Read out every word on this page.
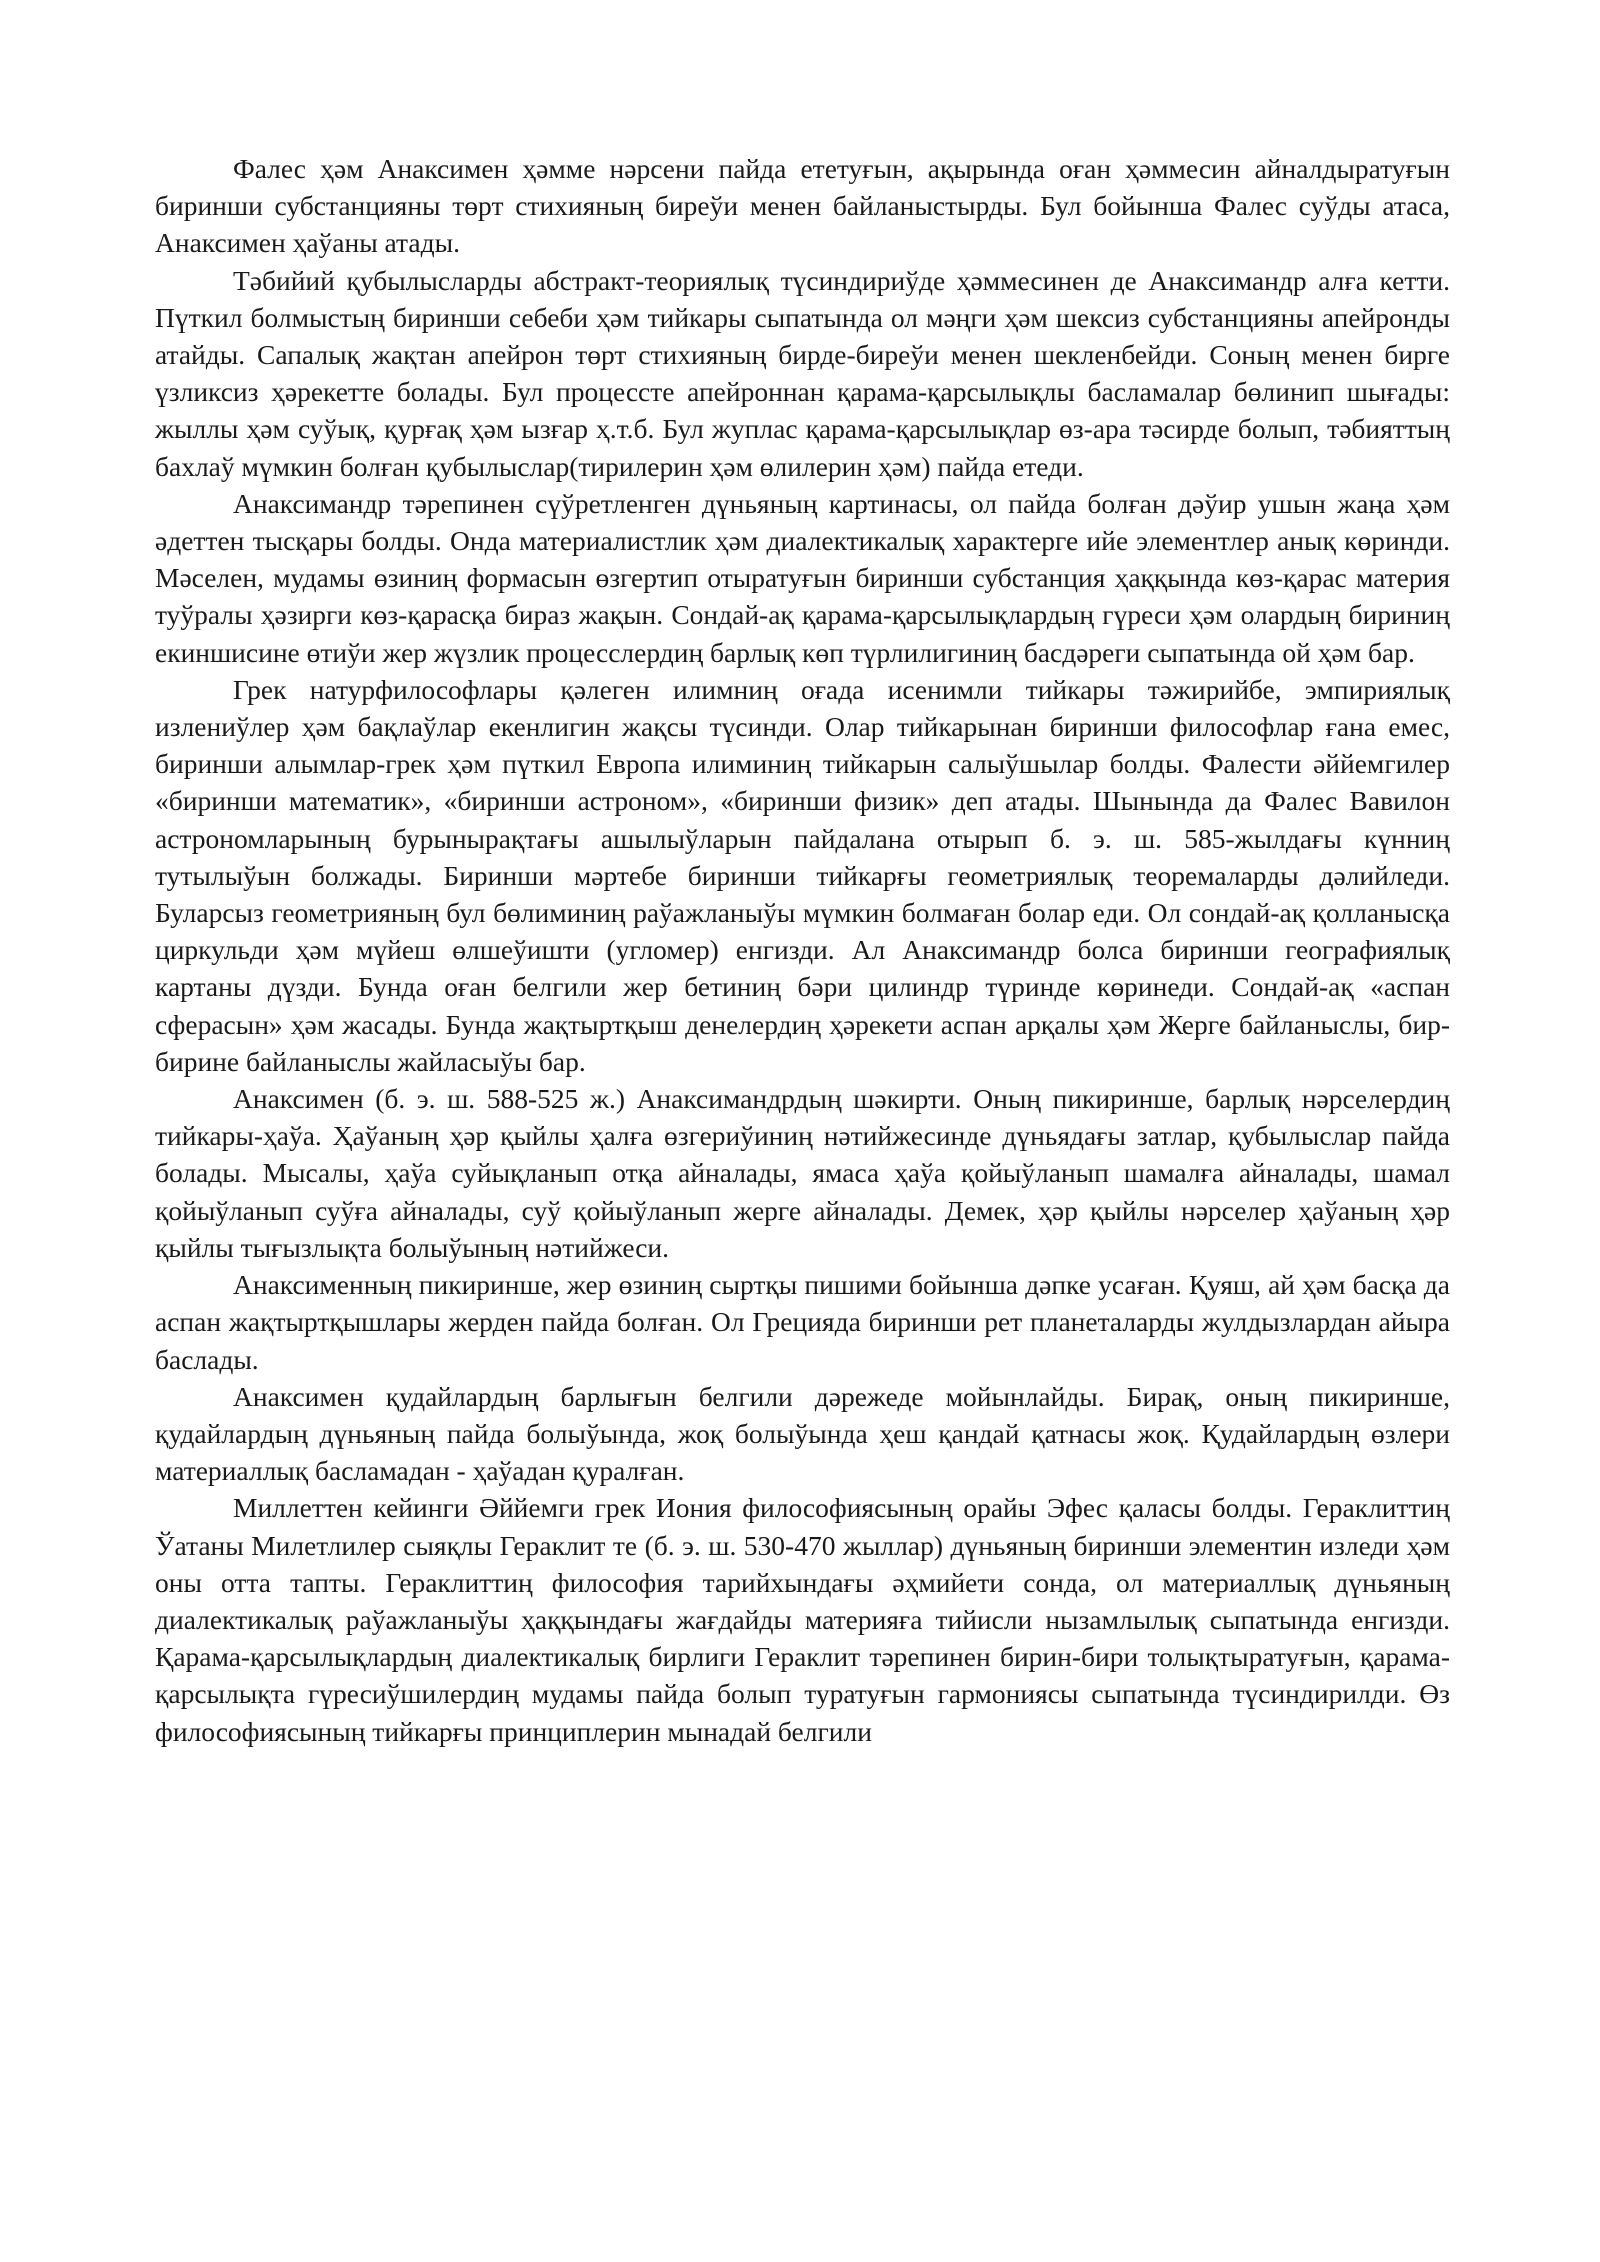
Фалес ҳәм Анаксимен ҳәмме нәрсени пайда ететуғын, ақырында оған ҳәммесин айналдыратуғын биринши субстанцияны төрт стихияның биреўи менен байланыстырды. Бул бойынша Фалес суўды атаса, Анаксимен ҳаўаны атады.

Тәбийий қубылысларды абстракт-теориялық түсиндириўде ҳәммесинен де Анаксимандр алға кетти. Пүткил болмыстың биринши себеби ҳәм тийкары сыпатында ол мәңги ҳәм шексиз субстанцияны апейронды атайды. Сапалық жақтан апейрон төрт стихияның бирде-биреўи менен шекленбейди. Соның менен бирге үзликсиз ҳәрекетте болады. Бул процессте апейроннан қарама-қарсылықлы басламалар бөлинип шығады: жыллы ҳәм суўық, қурғақ ҳәм ызғар ҳ.т.б. Бул жуплас қарама-қарсылықлар өз-ара тәсирде болып, тәбияттың бахлаў мүмкин болған қубылыслар(тирилерин ҳәм өлилерин ҳәм) пайда етеди.

Анаксимандр тәрепинен сүўретленген дүньяның картинасы, ол пайда болған дәўир ушын жаңа ҳәм әдеттен тысқары болды. Онда материалистлик ҳәм диалектикалық характерге ийе элементлер анық көринди. Мәселен, мудамы өзиниң формасын өзгертип отыратуғын биринши субстанция ҳаққында көз-қарас материя туўралы ҳәзирги көз-қарасқа бираз жақын. Сондай-ақ қарама-қарсылықлардың гүреси ҳәм олардың бириниң екиншисине өтиўи жер жүзлик процесслердиң барлық көп түрлилигиниң басдәреги сыпатында ой ҳәм бар.

Грек натурфилософлары қәлеген илимниң оғада исенимли тийкары тәжирийбе, эмпириялық излениўлер ҳәм бақлаўлар екенлигин жақсы түсинди. Олар тийкарынан биринши философлар ғана емес, биринши алымлар-грек ҳәм пүткил Европа илиминиң тийкарын салыўшылар болды. Фалести әййемгилер «биринши математик», «биринши астроном», «биринши физик» деп атады. Шынында да Фалес Вавилон астрономларының бурынырақтағы ашылыўларын пайдалана отырып б. э. ш. 585-жылдағы күнниң тутылыўын болжады. Биринши мәртебе биринши тийкарғы геометриялық теоремаларды дәлийледи. Буларсыз геометрияның бул бөлиминиң раўажланыўы мүмкин болмаған болар еди. Ол сондай-ақ қолланысқа циркульди ҳәм мүйеш өлшеўишти (угломер) енгизди. Ал Анаксимандр болса биринши географиялық картаны дүзди. Бунда оған белгили жер бетиниң бәри цилиндр түринде көринеди. Сондай-ақ «аспан сферасын» ҳәм жасады. Бунда жақтыртқыш денелердиң ҳәрекети аспан арқалы ҳәм Жерге байланыслы, бир-бирине байланыслы жайласыўы бар.

Анаксимен (б. э. ш. 588-525 ж.) Анаксимандрдың шәкирти. Оның пикиринше, барлық нәрселердиң тийкары-ҳаўа. Ҳаўаның ҳәр қыйлы ҳалға өзгериўиниң нәтийжесинде дүньядағы затлар, қубылыслар пайда болады. Мысалы, ҳаўа суйықланып отқа айналады, ямаса ҳаўа қойыўланып шамалға айналады, шамал қойыўланып суўға айналады, суў қойыўланып жерге айналады. Демек, ҳәр қыйлы нәрселер ҳаўаның ҳәр қыйлы тығызлықта болыўының нәтийжеси.

Анаксименның пикиринше, жер өзиниң сыртқы пишими бойынша дәпке усаған. Қуяш, ай ҳәм басқа да аспан жақтыртқышлары жерден пайда болған. Ол Грецияда биринши рет планеталарды жулдызлардан айыра баслады.

Анаксимен қудайлардың барлығын белгили дәрежеде мойынлайды. Бирақ, оның пикиринше, қудайлардың дүньяның пайда болыўында, жоқ болыўында ҳеш қандай қатнасы жоқ. Қудайлардың өзлери материаллық басламадан - ҳаўадан қуралған.

Миллеттен кейинги Әййемги грек Иония философиясының орайы Эфес қаласы болды. Гераклиттиң Ўатаны Милетлилер сыяқлы Гераклит те (б. э. ш. 530-470 жыллар) дүньяның биринши элементин изледи ҳәм оны отта тапты. Гераклиттиң философия тарийхындағы әҳмийети сонда, ол материаллық дүньяның диалектикалық раўажланыўы ҳаққындағы жағдайды материяға тийисли нызамлылық сыпатында енгизди. Қарама-қарсылықлардың диалектикалық бирлиги Гераклит тәрепинен бирин-бири толықтыратуғын, қарама-қарсылықта гүресиўшилердиң мудамы пайда болып туратуғын гармониясы сыпатында түсиндирилди. Өз философиясының тийкарғы принциплерин мынадай белгили
